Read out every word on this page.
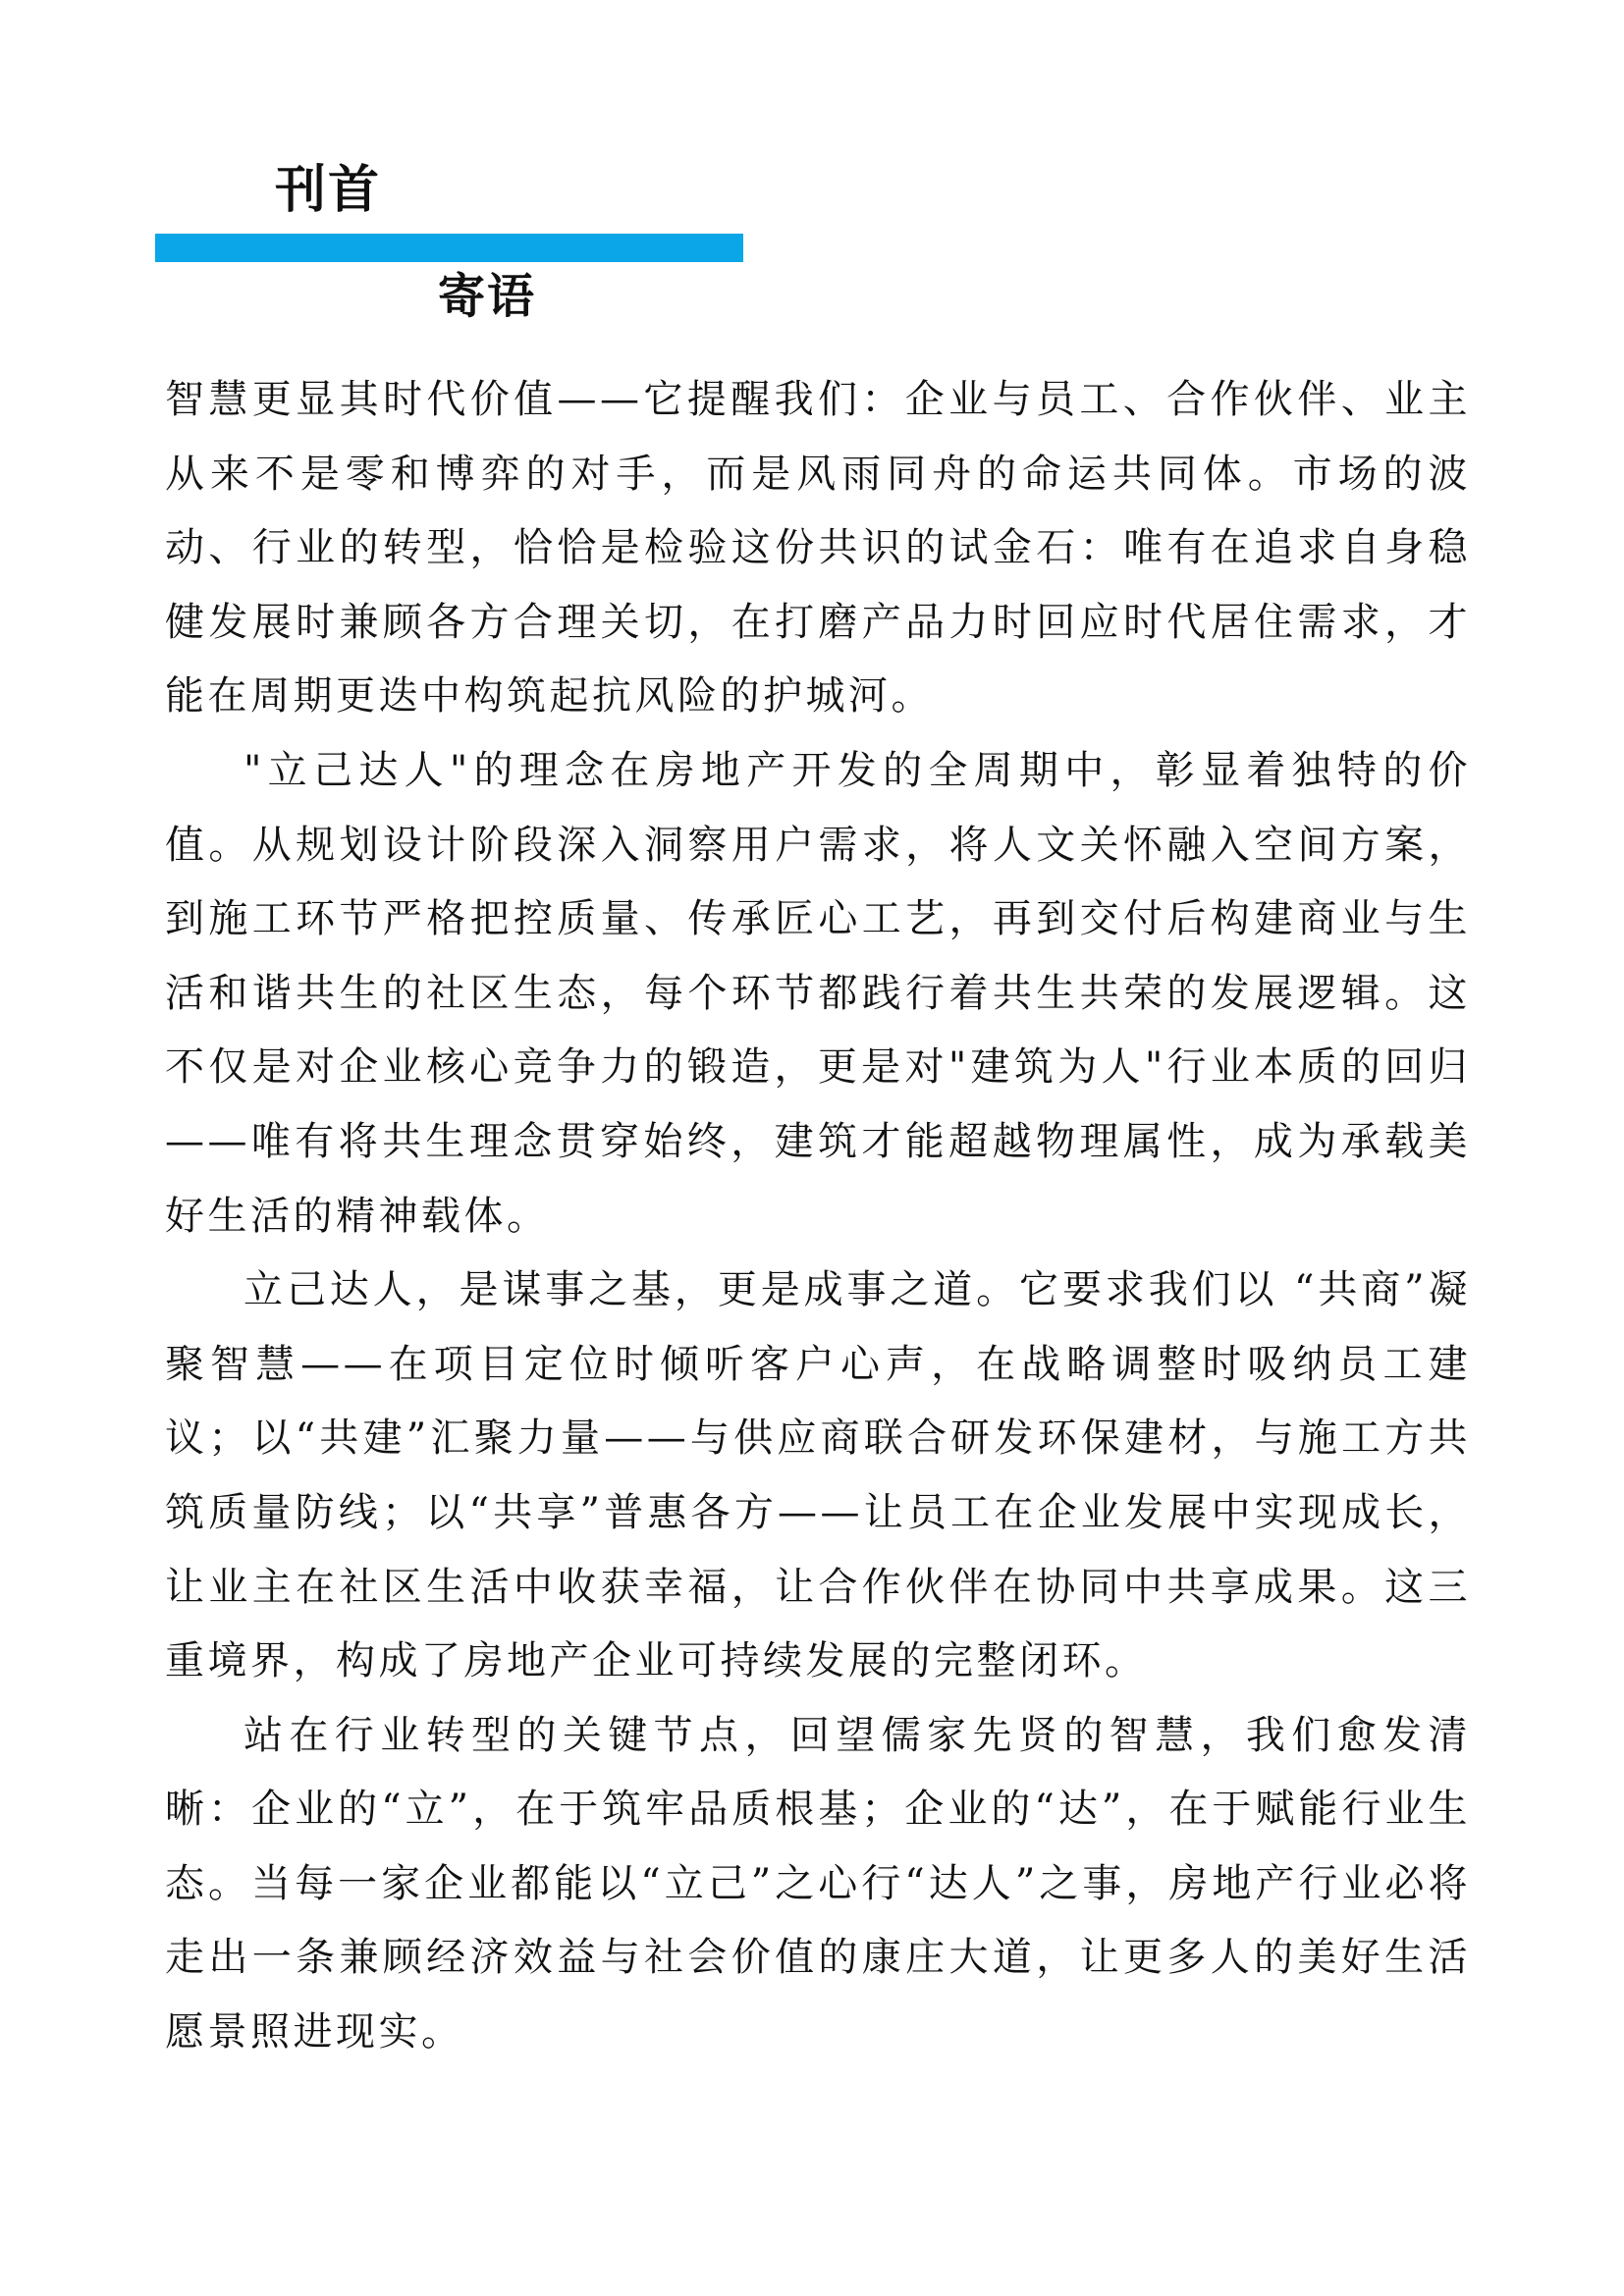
刊首
寄语

智慧更显其时代价值——它提醒我们：企业与员工、合作伙伴、业主从来不是零和博弈的对手，而是风雨同舟的命运共同体。市场的波动、行业的转型，恰恰是检验这份共识的试金石：唯有在追求自身稳健发展时兼顾各方合理关切，在打磨产品力时回应时代居住需求，才能在周期更迭中构筑起抗风险的护城河。

"立己达人"的理念在房地产开发的全周期中，彰显着独特的价值。从规划设计阶段深入洞察用户需求，将人文关怀融入空间方案，到施工环节严格把控质量、传承匠心工艺，再到交付后构建商业与生活和谐共生的社区生态，每个环节都践行着共生共荣的发展逻辑。这不仅是对企业核心竞争力的锻造，更是对"建筑为人"行业本质的回归——唯有将共生理念贯穿始终，建筑才能超越物理属性，成为承载美好生活的精神载体。

立己达人，是谋事之基，更是成事之道。它要求我们以 “共商”凝聚智慧——在项目定位时倾听客户心声，在战略调整时吸纳员工建议；以“共建”汇聚力量——与供应商联合研发环保建材，与施工方共筑质量防线；以“共享”普惠各方——让员工在企业发展中实现成长，让业主在社区生活中收获幸福，让合作伙伴在协同中共享成果。这三重境界，构成了房地产企业可持续发展的完整闭环。

站在行业转型的关键节点，回望儒家先贤的智慧，我们愈发清晰：企业的“立”，在于筑牢品质根基；企业的“达”，在于赋能行业生态。当每一家企业都能以“立己”之心行“达人”之事，房地产行业必将走出一条兼顾经济效益与社会价值的康庄大道，让更多人的美好生活愿景照进现实。
